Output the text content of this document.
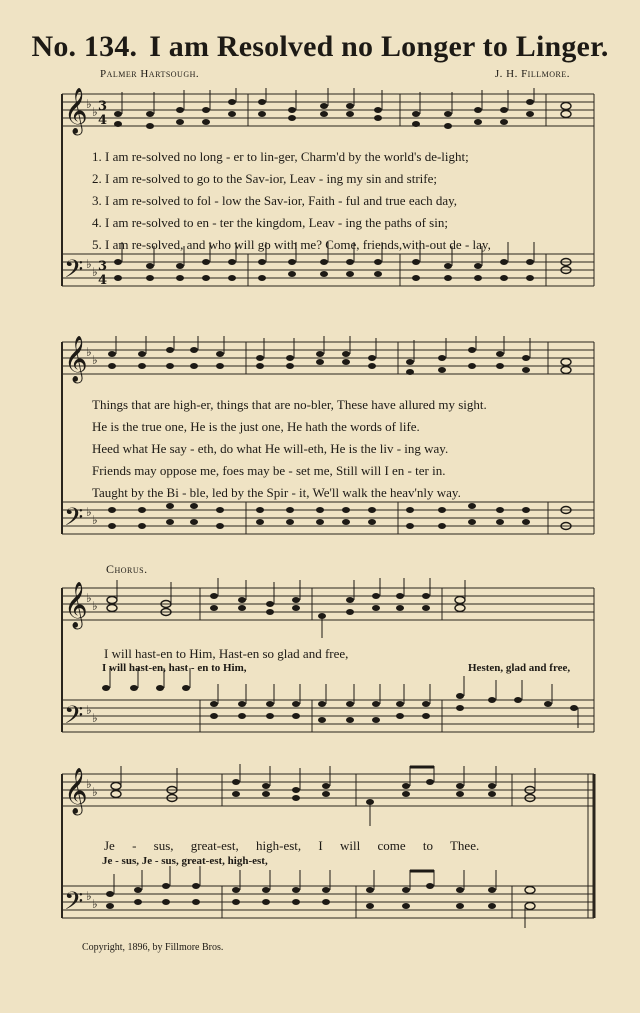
No. 134. I am Resolved no Longer to Linger.
Palmer Hartsough.	J. H. Fillmore.
𝄞
𝄢
♭
♭
♭
♭
3
4
3
4
1. I am re-solved no long - er to lin-ger, Charm'd by the world's de-light;
2. I am re-solved to go to the Sav-ior, Leav - ing my sin and strife;
3. I am re-solved to fol - low the Sav-ior, Faith - ful and true each day,
4. I am re-solved to en - ter the kingdom, Leav - ing the paths of sin;
5. I am re-solved, and who will go with me? Come, friends,with-out de - lay,
𝄞
𝄢
♭
♭
♭
♭
Things that are high-er, things that are no-bler, These have allured my sight.
He is the true one, He is the just one, He hath the words of life.
Heed what He say - eth, do what He will-eth, He is the liv - ing way.
Friends may oppose me, foes may be - set me, Still will I en - ter in.
Taught by the Bi - ble, led by the Spir - it, We'll walk the heav'nly way.
Chorus.
𝄞
𝄢
♭
♭
♭
♭
I will hast-en to Him, Hast-en so glad and free,
I will hast-en, hast - en to Him,	Hesten, glad and free,
𝄞
𝄢
♭
♭
♭
♭
Je - sus, great-est, high-est, I will come to Thee.
Je - sus, Je - sus, great-est, high-est,
Copyright, 1896, by Fillmore Bros.
